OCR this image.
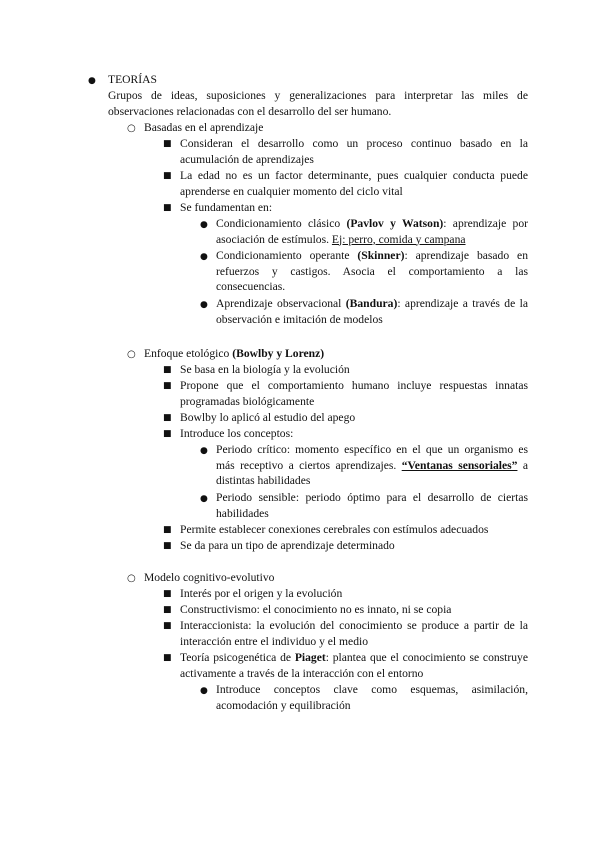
● TEORÍAS
Grupos de ideas, suposiciones y generalizaciones para interpretar las miles de observaciones relacionadas con el desarrollo del ser humano.
○ Basadas en el aprendizaje
■ Consideran el desarrollo como un proceso continuo basado en la acumulación de aprendizajes
■ La edad no es un factor determinante, pues cualquier conducta puede aprenderse en cualquier momento del ciclo vital
■ Se fundamentan en:
● Condicionamiento clásico (Pavlov y Watson): aprendizaje por asociación de estímulos. Ej: perro, comida y campana
● Condicionamiento operante (Skinner): aprendizaje basado en refuerzos y castigos. Asocia el comportamiento a las consecuencias.
● Aprendizaje observacional (Bandura): aprendizaje a través de la observación e imitación de modelos
○ Enfoque etológico (Bowlby y Lorenz)
■ Se basa en la biología y la evolución
■ Propone que el comportamiento humano incluye respuestas innatas programadas biológicamente
■ Bowlby lo aplicó al estudio del apego
■ Introduce los conceptos:
● Periodo crítico: momento específico en el que un organismo es más receptivo a ciertos aprendizajes. “Ventanas sensoriales” a distintas habilidades
● Periodo sensible: periodo óptimo para el desarrollo de ciertas habilidades
■ Permite establecer conexiones cerebrales con estímulos adecuados
■ Se da para un tipo de aprendizaje determinado
○ Modelo cognitivo-evolutivo
■ Interés por el origen y la evolución
■ Constructivismo: el conocimiento no es innato, ni se copia
■ Interaccionista: la evolución del conocimiento se produce a partir de la interacción entre el individuo y el medio
■ Teoría psicogenética de Piaget: plantea que el conocimiento se construye activamente a través de la interacción con el entorno
● Introduce conceptos clave como esquemas, asimilación, acomodación y equilibración
